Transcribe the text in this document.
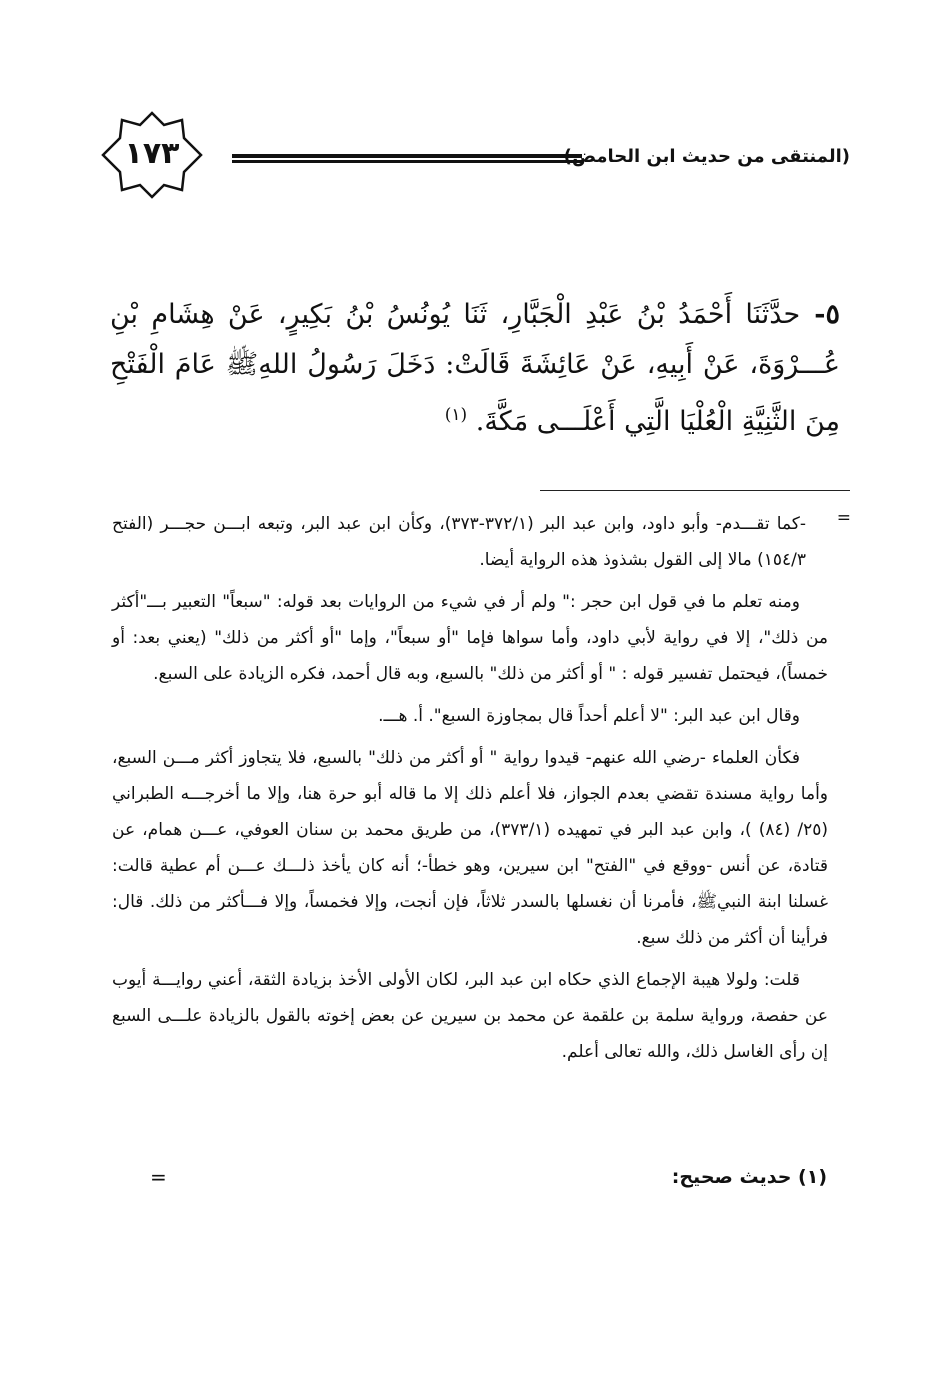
١٧٣	(المنتقى من حديث ابن الحامض)
٥- حدَّثَنَا أَحْمَدُ بْنُ عَبْدِ الْجَبَّارِ، ثَنَا يُونُسُ بْنُ بَكِيرٍ، عَنْ هِشَامِ بْنِ عُـــرْوَةَ، عَنْ أَبِيهِ، عَنْ عَائِشَةَ قَالَتْ: دَخَلَ رَسُولُ اللهِﷺ عَامَ الْفَتْحِ مِنَ الثَّنِيَّةِ الْعُلْيَا الَّتِي أَعْلَـــى مَكَّةَ. $^{(١)}$
=

-كما تقـــدم- وأبو داود، وابن عبد البر (٣٧٢/١-٣٧٣)، وكأن ابن عبد البر، وتبعه ابـــن حجـــر (الفتح ١٥٤/٣) مالا إلى القول بشذوذ هذه الرواية أيضا.

ومنه تعلم ما في قول ابن حجر :" ولم أر في شيء من الروايات بعد قوله: "سبعاً" التعبير بـــ"أكثر من ذلك"، إلا في رواية لأبي داود، وأما سواها فإما "أو سبعاً"، وإما "أو أكثر من ذلك" (يعني بعد: أو خمساً)، فيحتمل تفسير قوله : " أو أكثر من ذلك" بالسبع، وبه قال أحمد، فكره الزيادة على السبع.

وقال ابن عبد البر: "لا أعلم أحداً قال بمجاوزة السبع". أ. هـــ.

فكأن العلماء -رضي الله عنهم- قيدوا رواية " أو أكثر من ذلك" بالسبع، فلا يتجاوز أكثر مـــن السبع، وأما رواية مسندة تقضي بعدم الجواز، فلا أعلم ذلك إلا ما قاله أبو حرة هنا، وإلا ما أخرجـــه الطبراني (٢٥/ (٨٤) )، وابن عبد البر في تمهيده (٣٧٣/١)، من طريق محمد بن سنان العوفي، عـــن همام، عن قتادة، عن أنس -ووقع في "الفتح" ابن سيرين، وهو خطأ-؛ أنه كان يأخذ ذلـــك عـــن أم عطية قالت: غسلنا ابنة النبيﷺ، فأمرنا أن نغسلها بالسدر ثلاثاً، فإن أنجت، وإلا فخمساً، وإلا فـــأكثر من ذلك. قال: فرأينا أن أكثر من ذلك سبع.

قلت: ولولا هيبة الإجماع الذي حكاه ابن عبد البر، لكان الأولى الأخذ بزيادة الثقة، أعني روايـــة أيوب عن حفصة، ورواية سلمة بن علقمة عن محمد بن سيرين عن بعض إخوته بالقول بالزيادة علـــى السبع إن رأى الغاسل ذلك، والله تعالى أعلم.

=	(١) حديث صحيح:
